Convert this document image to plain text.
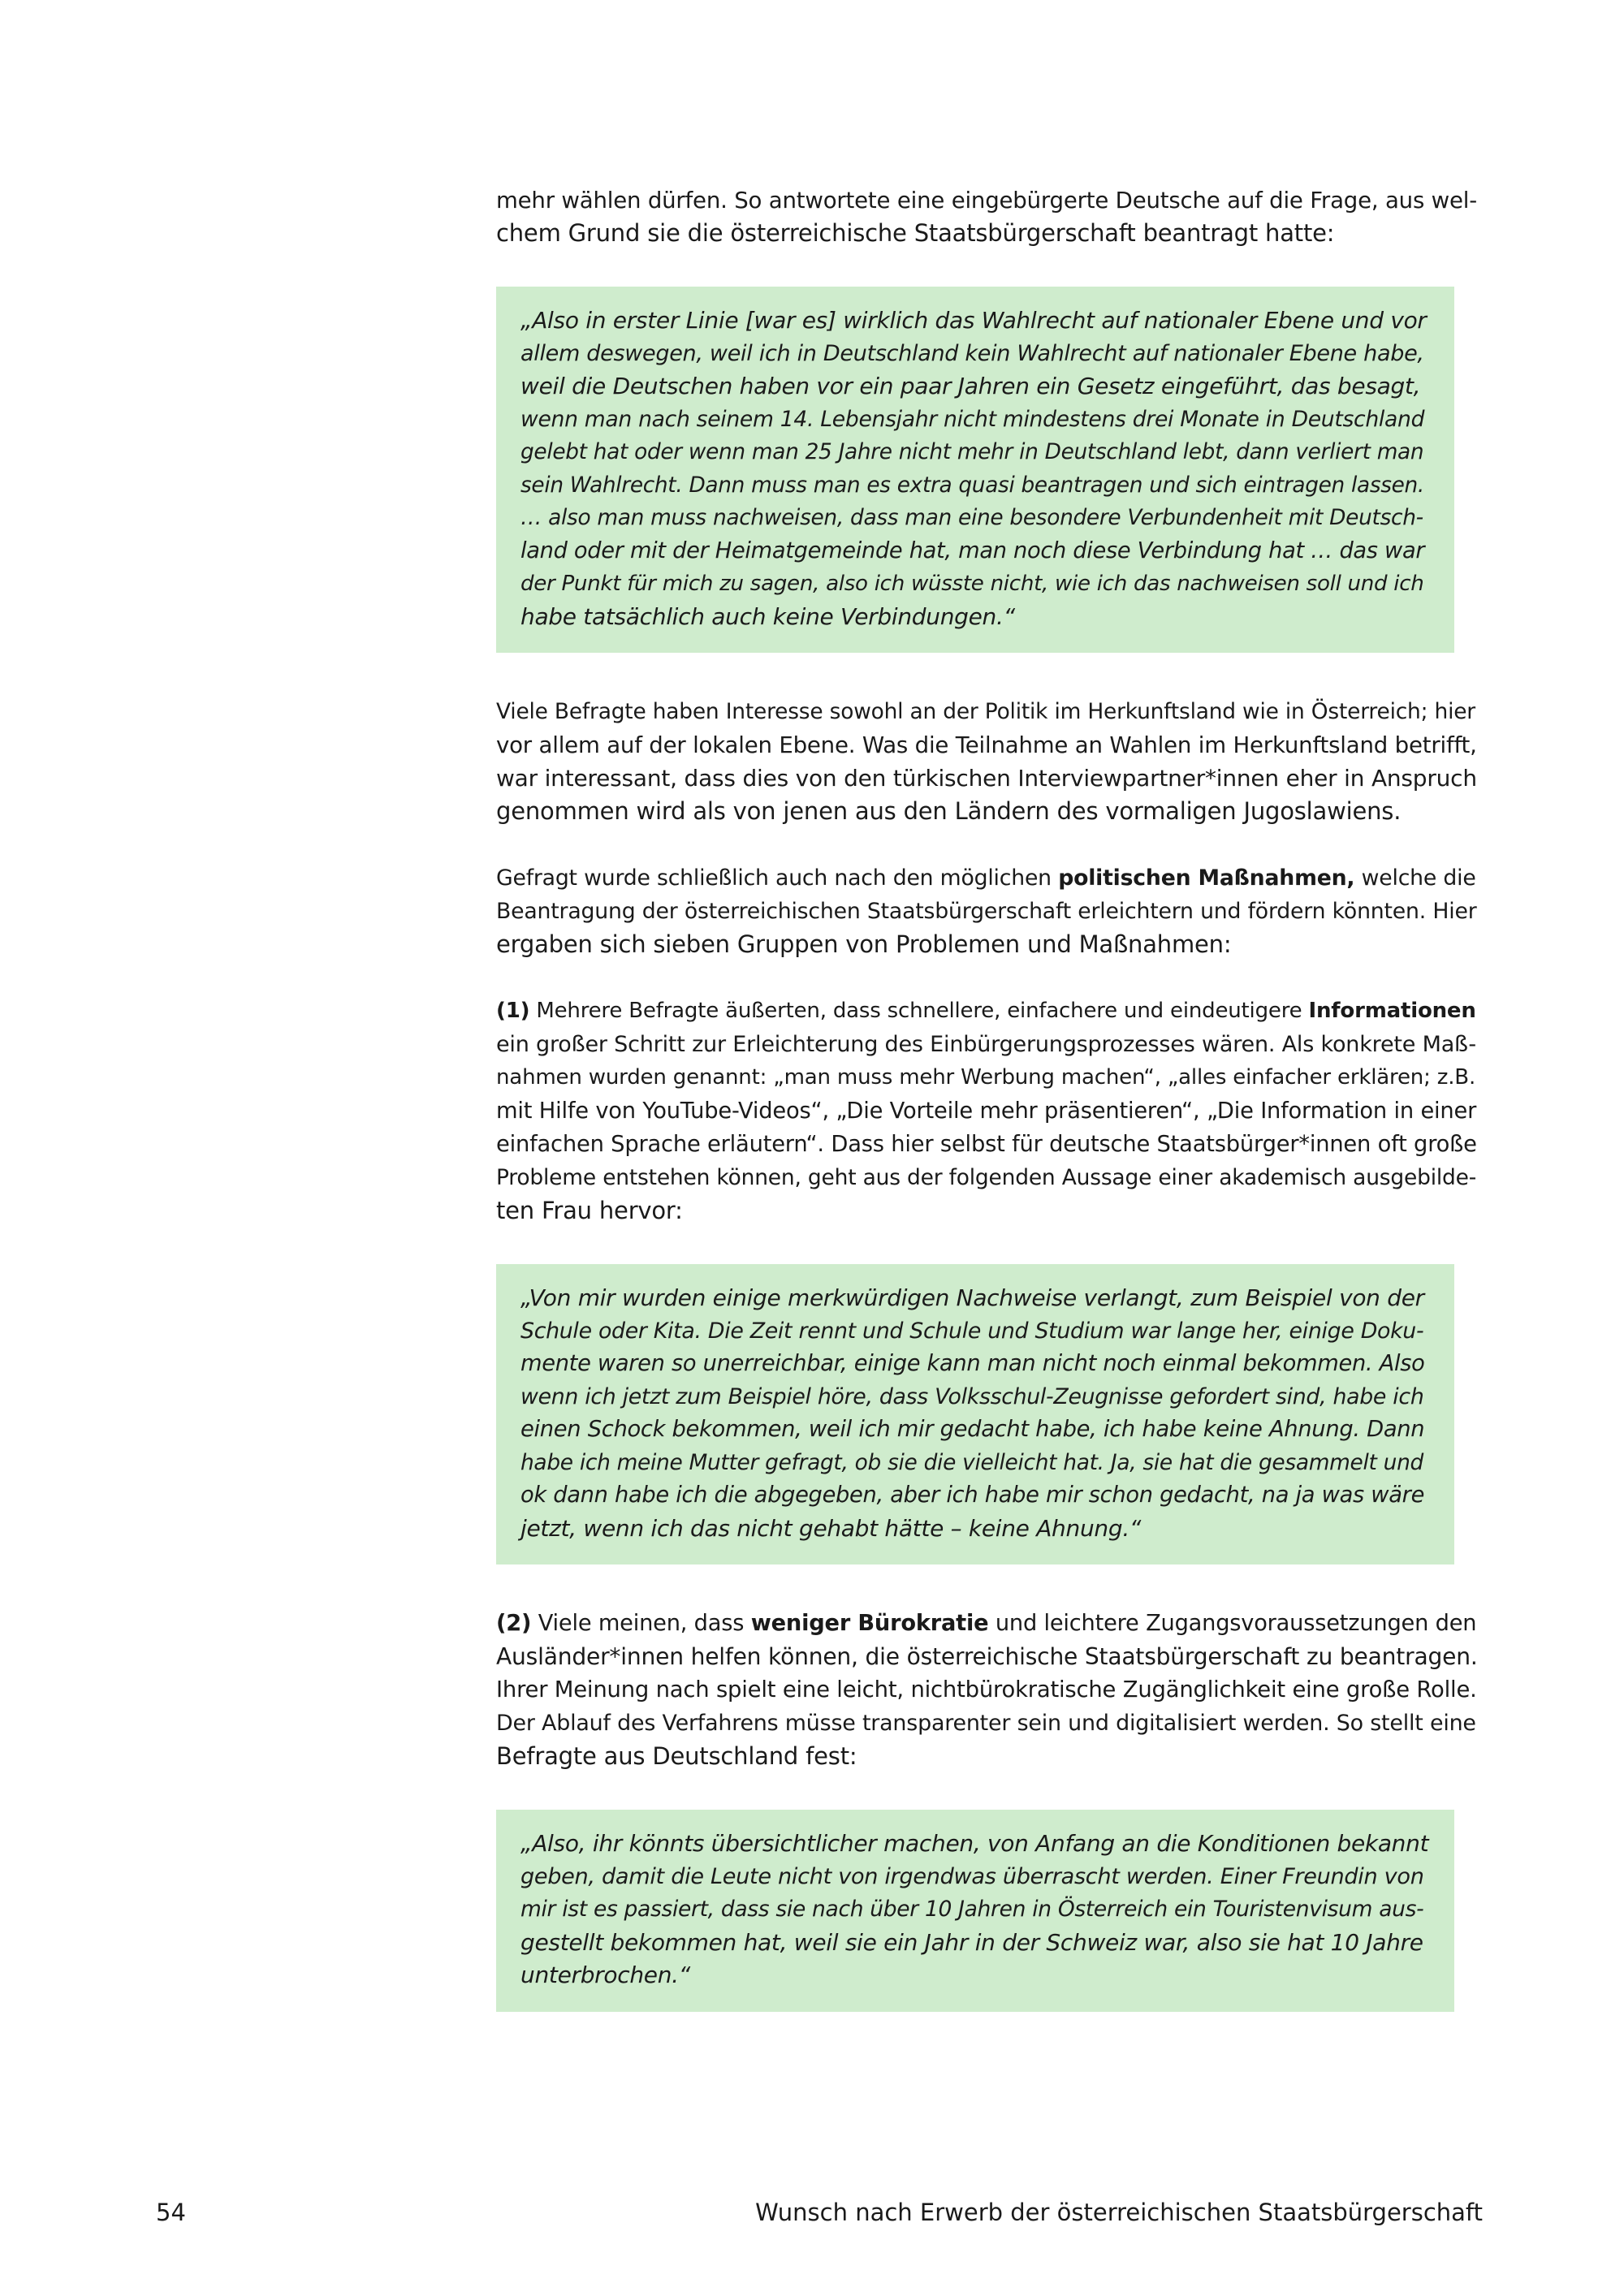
mehr wählen dürfen. So antwortete eine eingebürgerte Deutsche auf die Frage, aus wel-
chem Grund sie die österreichische Staatsbürgerschaft beantragt hatte:

„Also in erster Linie [war es] wirklich das Wahlrecht auf nationaler Ebene und vor
allem deswegen, weil ich in Deutschland kein Wahlrecht auf nationaler Ebene habe,
weil die Deutschen haben vor ein paar Jahren ein Gesetz eingeführt, das besagt,
wenn man nach seinem 14. Lebensjahr nicht mindestens drei Monate in Deutschland
gelebt hat oder wenn man 25 Jahre nicht mehr in Deutschland lebt, dann verliert man
sein Wahlrecht. Dann muss man es extra quasi beantragen und sich eintragen lassen.
… also man muss nachweisen, dass man eine besondere Verbundenheit mit Deutsch-
land oder mit der Heimatgemeinde hat, man noch diese Verbindung hat … das war
der Punkt für mich zu sagen, also ich wüsste nicht, wie ich das nachweisen soll und ich
habe tatsächlich auch keine Verbindungen.“

Viele Befragte haben Interesse sowohl an der Politik im Herkunftsland wie in Österreich; hier
vor allem auf der lokalen Ebene. Was die Teilnahme an Wahlen im Herkunftsland betrifft,
war interessant, dass dies von den türkischen Interviewpartner*innen eher in Anspruch
genommen wird als von jenen aus den Ländern des vormaligen Jugoslawiens.

Gefragt wurde schließlich auch nach den möglichen politischen Maßnahmen, welche die
Beantragung der österreichischen Staatsbürgerschaft erleichtern und fördern könnten. Hier
ergaben sich sieben Gruppen von Problemen und Maßnahmen:

(1) Mehrere Befragte äußerten, dass schnellere, einfachere und eindeutigere Informationen
ein großer Schritt zur Erleichterung des Einbürgerungsprozesses wären. Als konkrete Maß-
nahmen wurden genannt: „man muss mehr Werbung machen“, „alles einfacher erklären; z.B.
mit Hilfe von YouTube-Videos“, „Die Vorteile mehr präsentieren“, „Die Information in einer
einfachen Sprache erläutern“. Dass hier selbst für deutsche Staatsbürger*innen oft große
Probleme entstehen können, geht aus der folgenden Aussage einer akademisch ausgebilde-
ten Frau hervor:

„Von mir wurden einige merkwürdigen Nachweise verlangt, zum Beispiel von der
Schule oder Kita. Die Zeit rennt und Schule und Studium war lange her, einige Doku-
mente waren so unerreichbar, einige kann man nicht noch einmal bekommen. Also
wenn ich jetzt zum Beispiel höre, dass Volksschul-Zeugnisse gefordert sind, habe ich
einen Schock bekommen, weil ich mir gedacht habe, ich habe keine Ahnung. Dann
habe ich meine Mutter gefragt, ob sie die vielleicht hat. Ja, sie hat die gesammelt und
ok dann habe ich die abgegeben, aber ich habe mir schon gedacht, na ja was wäre
jetzt, wenn ich das nicht gehabt hätte – keine Ahnung.“

(2) Viele meinen, dass weniger Bürokratie und leichtere Zugangsvoraussetzungen den
Ausländer*innen helfen können, die österreichische Staatsbürgerschaft zu beantragen.
Ihrer Meinung nach spielt eine leicht, nichtbürokratische Zugänglichkeit eine große Rolle.
Der Ablauf des Verfahrens müsse transparenter sein und digitalisiert werden. So stellt eine
Befragte aus Deutschland fest:

„Also, ihr könnts übersichtlicher machen, von Anfang an die Konditionen bekannt
geben, damit die Leute nicht von irgendwas überrascht werden. Einer Freundin von
mir ist es passiert, dass sie nach über 10 Jahren in Österreich ein Touristenvisum aus-
gestellt bekommen hat, weil sie ein Jahr in der Schweiz war, also sie hat 10 Jahre
unterbrochen.“
54	Wunsch nach Erwerb der österreichischen Staatsbürgerschaft
